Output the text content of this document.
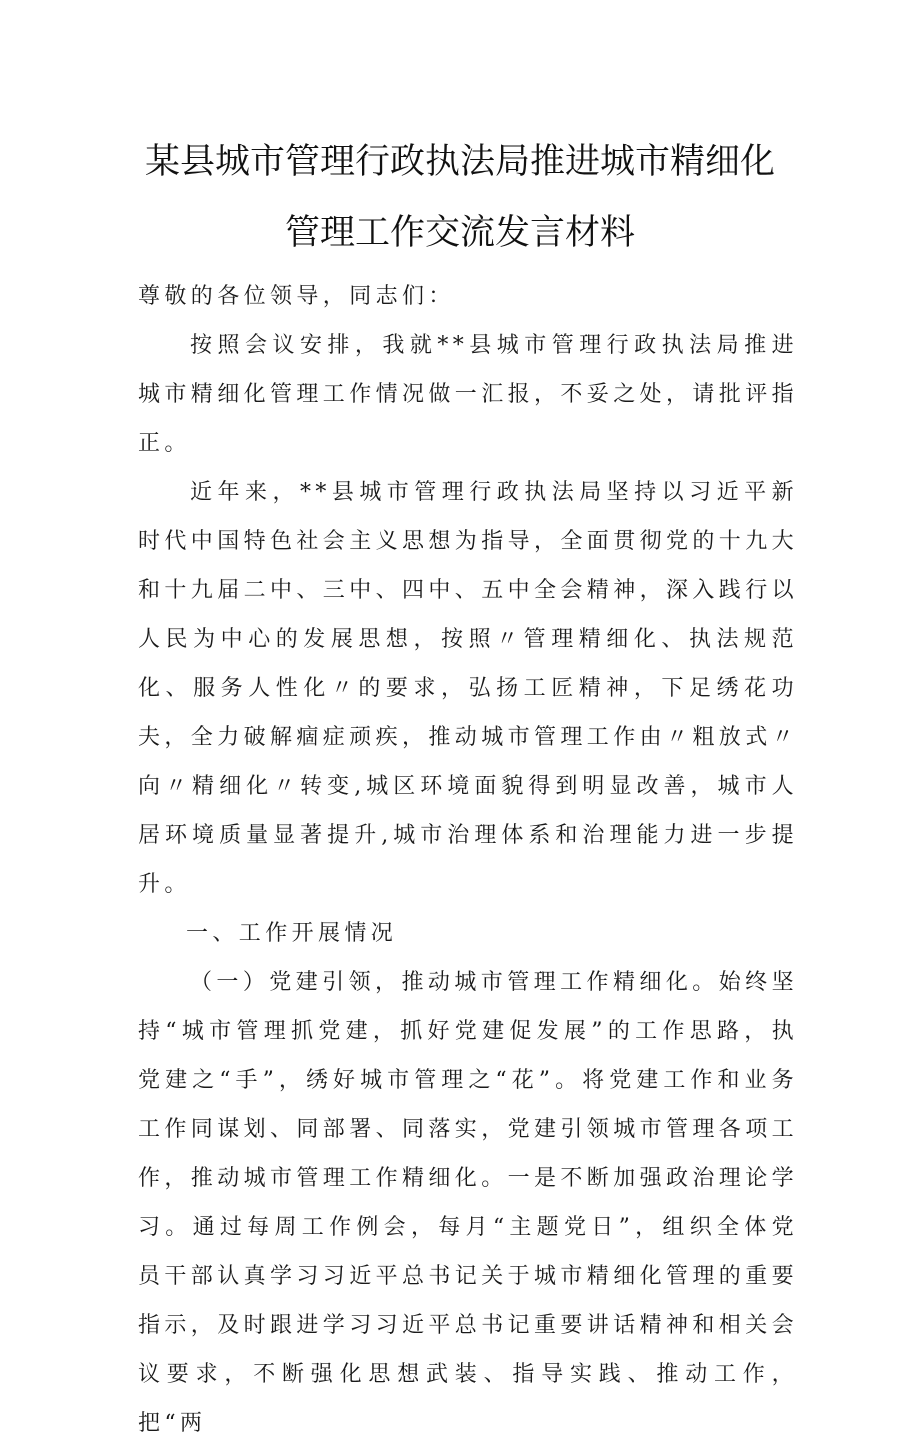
某县城市管理行政执法局推进城市精细化
管理工作交流发言材料

尊敬的各位领导，同志们：

按照会议安排，我就**县城市管理行政执法局推进城市精细化管理工作情况做一汇报，不妥之处，请批评指正。

近年来，**县城市管理行政执法局坚持以习近平新时代中国特色社会主义思想为指导，全面贯彻党的十九大和十九届二中、三中、四中、五中全会精神，深入践行以人民为中心的发展思想，按照〃管理精细化、执法规范化、服务人性化〃的要求，弘扬工匠精神，下足绣花功夫，全力破解痼症顽疾，推动城市管理工作由〃粗放式〃向〃精细化〃转变,城区环境面貌得到明显改善，城市人居环境质量显著提升,城市治理体系和治理能力进一步提升。

一、工作开展情况

（一）党建引领，推动城市管理工作精细化。始终坚持“城市管理抓党建，抓好党建促发展”的工作思路，执党建之“手”，绣好城市管理之“花”。将党建工作和业务工作同谋划、同部署、同落实，党建引领城市管理各项工作，推动城市管理工作精细化。一是不断加强政治理论学习。通过每周工作例会，每月“主题党日”，组织全体党员干部认真学习习近平总书记关于城市精细化管理的重要指示，及时跟进学习习近平总书记重要讲话精神和相关会议要求，不断强化思想武装、指导实践、推动工作，把“两
